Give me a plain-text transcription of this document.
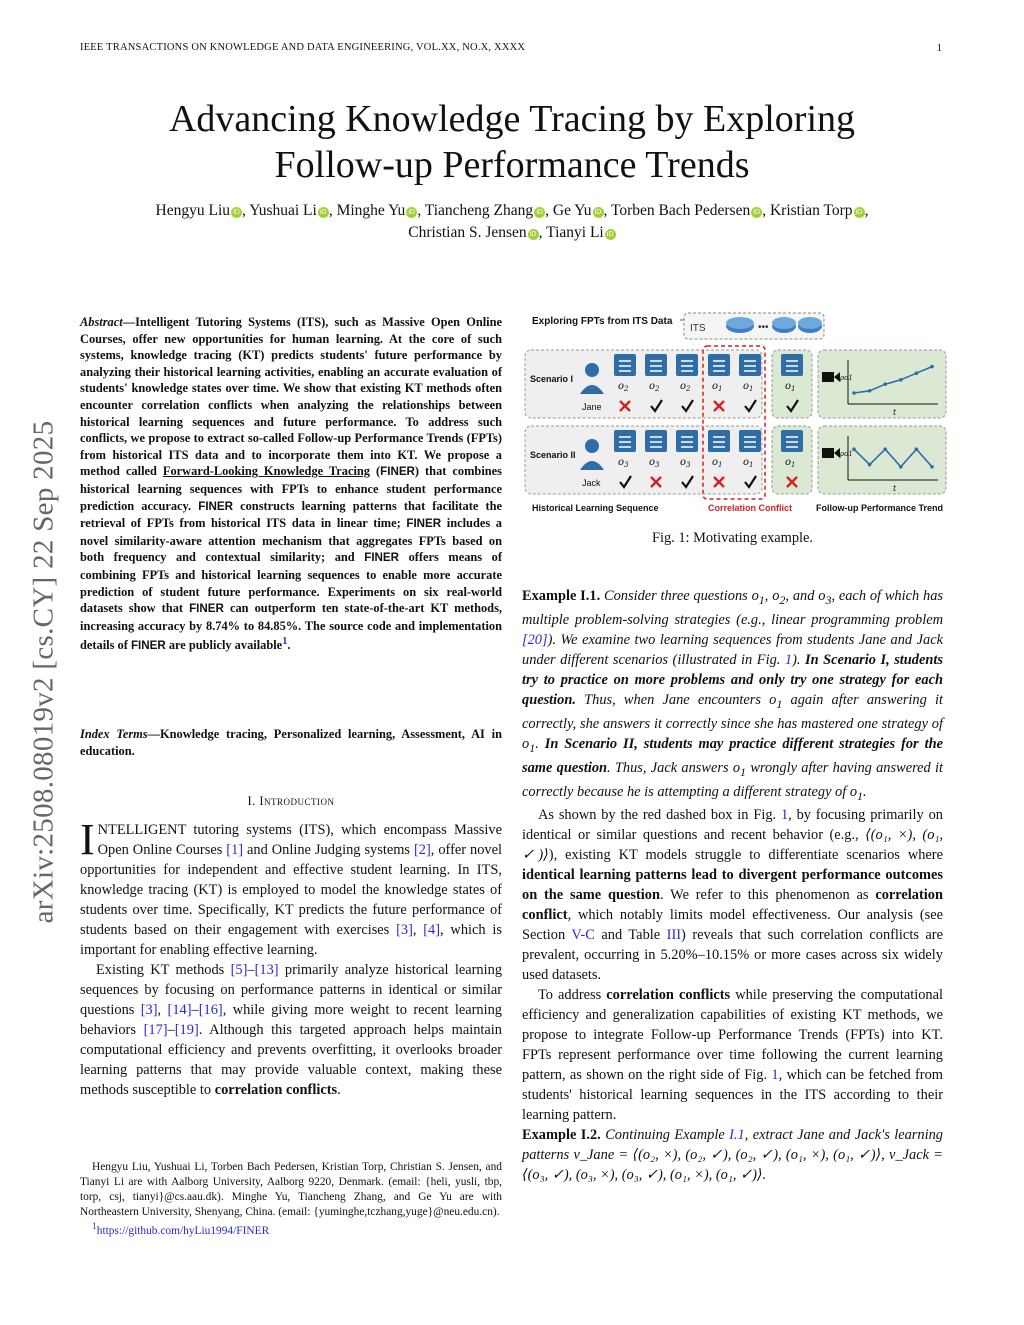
IEEE TRANSACTIONS ON KNOWLEDGE AND DATA ENGINEERING, VOL.XX, NO.X, XXXX	1
Advancing Knowledge Tracing by Exploring
Follow-up Performance Trends
Hengyu Liu iD , Yushuai Li iD , Minghe Yu iD , Tiancheng Zhang iD , Ge Yu iD , Torben Bach Pedersen iD , Kristian Torp iD ,
Christian S. Jensen iD , Tianyi Li iD
arXiv:2508.08019v2 [cs.CY] 22 Sep 2025
Abstract—Intelligent Tutoring Systems (ITS), such as Massive Open Online Courses, offer new opportunities for human learning. At the core of such systems, knowledge tracing (KT) predicts students' future performance by analyzing their historical learning activities, enabling an accurate evaluation of students' knowledge states over time. We show that existing KT methods often encounter correlation conflicts when analyzing the relationships between historical learning sequences and future performance. To address such conflicts, we propose to extract so-called Follow-up Performance Trends (FPTs) from historical ITS data and to incorporate them into KT. We propose a method called Forward-Looking Knowledge Tracing (FINER) that combines historical learning sequences with FPTs to enhance student performance prediction accuracy. FINER constructs learning patterns that facilitate the retrieval of FPTs from historical ITS data in linear time; FINER includes a novel similarity-aware attention mechanism that aggregates FPTs based on both frequency and contextual similarity; and FINER offers means of combining FPTs and historical learning sequences to enable more accurate prediction of student future performance. Experiments on six real-world datasets show that FINER can outperform ten state-of-the-art KT methods, increasing accuracy by 8.74% to 84.85%. The source code and implementation details of FINER are publicly available$^1$.
Index Terms—Knowledge tracing, Personalized learning, Assessment, AI in education.
I. Introduction

INTELLIGENT tutoring systems (ITS), which encompass Massive Open Online Courses [1] and Online Judging systems [2], offer novel opportunities for independent and effective student learning. In ITS, knowledge tracing (KT) is employed to model the knowledge states of students over time. Specifically, KT predicts the future performance of students based on their engagement with exercises [3], [4], which is important for enabling effective learning.

Existing KT methods [5]–[13] primarily analyze historical learning sequences by focusing on performance patterns in identical or similar questions [3], [14]–[16], while giving more weight to recent learning behaviors [17]–[19]. Although this targeted approach helps maintain computational efficiency and prevents overfitting, it overlooks broader learning patterns that may provide valuable context, making these methods susceptible to correlation conflicts.

Hengyu Liu, Yushuai Li, Torben Bach Pedersen, Kristian Torp, Christian S. Jensen, and Tianyi Li are with Aalborg University, Aalborg 9220, Denmark. (email: {heli, yusli, tbp, torp, csj, tianyi}@cs.aau.dk). Minghe Yu, Tiancheng Zhang, and Ge Yu are with Northeastern University, Shenyang, China. (email: {yuminghe,tczhang,yuge}@neu.edu.cn).

$^1$https://github.com/hyLiu1994/FINER

Exploring FPTs from ITS Data
ITS	•••
Scenario I
Scenario II
Jane
Jack
$o_2$ $o_2$ $o_2$ $o_1$ $o_1$
$o_3$ $o_3$ $o_3$ $o_1$ $o_1$
$o_1$
$o_1$
ρo1
t
ρo1
t
Historical Learning Sequence	Correlation Conflict	Follow-up Performance Trend
Fig. 1: Motivating example.

Example I.1. Consider three questions $o_1$, $o_2$, and $o_3$, each of which has multiple problem-solving strategies (e.g., linear programming problem [20]). We examine two learning sequences from students Jane and Jack under different scenarios (illustrated in Fig. 1). In Scenario I, students try to practice on more problems and only try one strategy for each question. Thus, when Jane encounters $o_1$ again after answering it correctly, she answers it correctly since she has mastered one strategy of $o_1$. In Scenario II, students may practice different strategies for the same question. Thus, Jack answers $o_1$ wrongly after having answered it correctly because he is attempting a different strategy of $o_1$.

As shown by the red dashed box in Fig. 1, by focusing primarily on identical or similar questions and recent behavior (e.g., ⟨(o₁, ×), (o₁, ✓)⟩), existing KT models struggle to differentiate scenarios where identical learning patterns lead to divergent performance outcomes on the same question. We refer to this phenomenon as correlation conflict, which notably limits model effectiveness. Our analysis (see Section V-C and Table III) reveals that such correlation conflicts are prevalent, occurring in 5.20%–10.15% or more cases across six widely used datasets.

To address correlation conflicts while preserving the computational efficiency and generalization capabilities of existing KT methods, we propose to integrate Follow-up Performance Trends (FPTs) into KT. FPTs represent performance over time following the current learning pattern, as shown on the right side of Fig. 1, which can be fetched from students' historical learning sequences in the ITS according to their learning pattern.

Example I.2. Continuing Example I.1, extract Jane and Jack's learning patterns v_Jane = ⟨(o₂, ×), (o₂, ✓), (o₂, ✓), (o₁, ×), (o₁, ✓)⟩, v_Jack = ⟨(o₃, ✓), (o₃, ×), (o₃, ✓), (o₁, ×), (o₁, ✓)⟩.
